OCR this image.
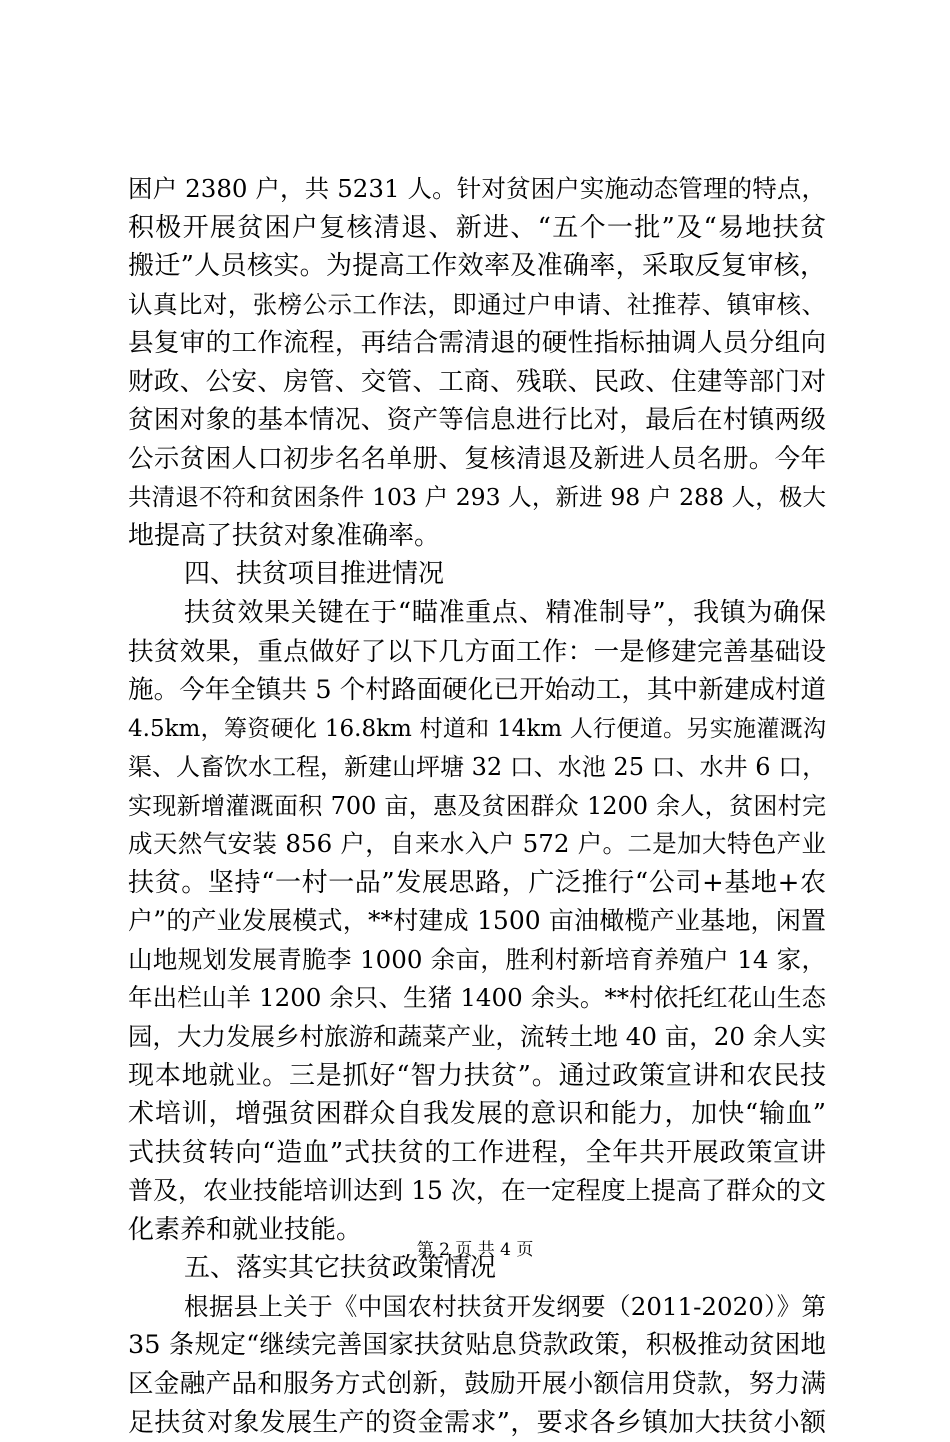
困户 2380 户，共 5231 人。针对贫困户实施动态管理的特点，
积极开展贫困户复核清退、新进、“五个一批”及“易地扶贫
搬迁”人员核实。为提高工作效率及准确率，采取反复审核，
认真比对，张榜公示工作法，即通过户申请、社推荐、镇审核、
县复审的工作流程，再结合需清退的硬性指标抽调人员分组向
财政、公安、房管、交管、工商、残联、民政、住建等部门对
贫困对象的基本情况、资产等信息进行比对，最后在村镇两级
公示贫困人口初步名名单册、复核清退及新进人员名册。今年
共清退不符和贫困条件 103 户 293 人，新进 98 户 288 人，极大
地提高了扶贫对象准确率。
四、扶贫项目推进情况
扶贫效果关键在于“瞄准重点、精准制导”，我镇为确保
扶贫效果，重点做好了以下几方面工作：一是修建完善基础设
施。今年全镇共 5 个村路面硬化已开始动工，其中新建成村道
4.5km，筹资硬化 16.8km 村道和 14km 人行便道。另实施灌溉沟
渠、人畜饮水工程，新建山坪塘 32 口、水池 25 口、水井 6 口，
实现新增灌溉面积 700 亩，惠及贫困群众 1200 余人，贫困村完
成天然气安装 856 户，自来水入户 572 户。二是加大特色产业
扶贫。坚持“一村一品”发展思路，广泛推行“公司+基地+农
户”的产业发展模式，**村建成 1500 亩油橄榄产业基地，闲置
山地规划发展青脆李 1000 余亩，胜利村新培育养殖户 14 家，
年出栏山羊 1200 余只、生猪 1400 余头。**村依托红花山生态
园，大力发展乡村旅游和蔬菜产业，流转土地 40 亩，20 余人实
现本地就业。三是抓好“智力扶贫”。通过政策宣讲和农民技
术培训，增强贫困群众自我发展的意识和能力，加快“输血”
式扶贫转向“造血”式扶贫的工作进程，全年共开展政策宣讲
普及，农业技能培训达到 15 次，在一定程度上提高了群众的文
化素养和就业技能。
五、落实其它扶贫政策情况
根据县上关于《中国农村扶贫开发纲要（2011-2020）》第
35 条规定“继续完善国家扶贫贴息贷款政策，积极推动贫困地
区金融产品和服务方式创新，鼓励开展小额信用贷款，努力满
足扶贫对象发展生产的资金需求”，要求各乡镇加大扶贫小额
第 2 页 共 4 页
